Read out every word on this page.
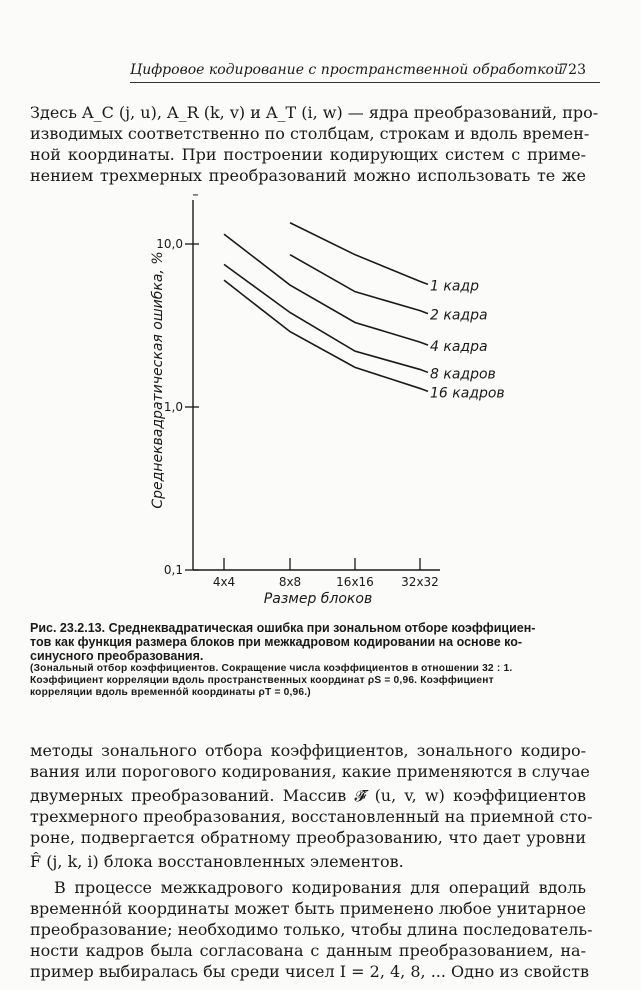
Цифровое кодирование с пространственной обработкой
723
Здесь A_C (j, u), A_R (k, v) и A_T (i, w) — ядра преобразований, про-
изводимых соответственно по столбцам, строкам и вдоль времен-
ной координаты. При построении кодирующих систем с приме-
нением трехмерных преобразований можно использовать те же
10,0
1,0
0,1
4x4	8x8	16x16 32x32
Размер блоков
Среднеквадратическая ошибка, %	1 кадр
2 кадра
4 кадра
8 кадров
16 кадров
Рис. 23.2.13. Среднеквадратическая ошибка при зональном отборе коэффициен-
тов как функция размера блоков при межкадровом кодировании на основе ко-
синусного преобразования.
(Зональный отбор коэффициентов. Сокращение числа коэффициентов в отношении 32 : 1.
Коэффициент корреляции вдоль пространственных координат ρS = 0,96. Коэффициент
корреляции вдоль временнóй координаты ρT = 0,96.)
методы зонального отбора коэффициентов, зонального кодиро-
вания или порогового кодирования, какие применяются в случае
двумерных преобразований. Массив 𝓕̂ (u, v, w) коэффициентов
трехмерного преобразования, восстановленный на приемной сто-
роне, подвергается обратному преобразованию, что дает уровни
F̂ (j, k, i) блока восстановленных элементов.
В процессе межкадрового кодирования для операций вдоль
временнóй координаты может быть применено любое унитарное
преобразование; необходимо только, чтобы длина последователь-
ности кадров была согласована с данным преобразованием, на-
пример выбиралась бы среди чисел I = 2, 4, 8, ... Одно из свойств
